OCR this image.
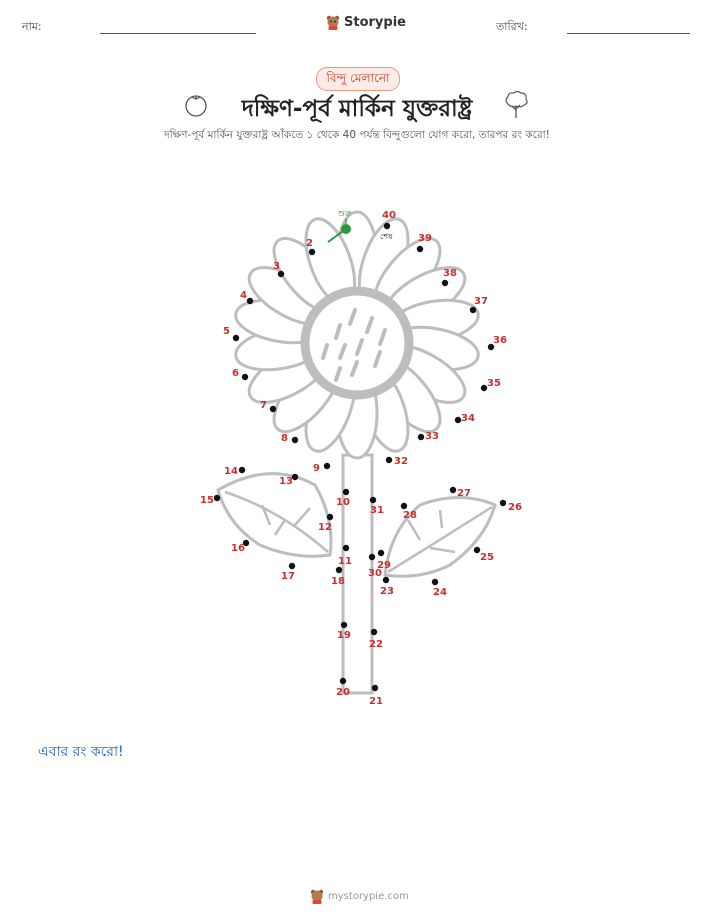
নাম:	Storypie	তারিখ:
বিন্দু মেলানো
দক্ষিণ-পূর্ব মার্কিন যুক্তরাষ্ট্র
দক্ষিণ-পূর্ব মার্কিন যুক্তরাষ্ট্র আঁকতে ১ থেকে 40 পর্যন্ত বিন্দুগুলো যোগ করো, তারপর রং করো!
শুরু
শেষ
2
3
4
5
6
7
8
9
10
11
12
13
14
15
16
17	18
19
20
21
22
23	24
25
26
27
28
29
30
31
32
33
34
35
36
37
38
39
40
এবার রং করো!
mystorypie.com
